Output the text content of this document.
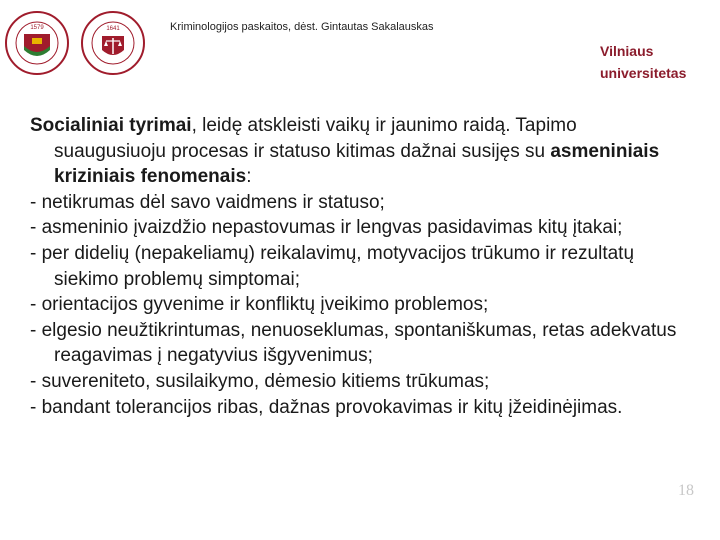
1579	1641	Kriminologijos paskaitos, dėst. Gintautas Sakalauskas
Vilniaus
universitetas

Socialiniai tyrimai, leidę atskleisti vaikų ir jaunimo raidą. Tapimo suaugusiuoju procesas ir statuso kitimas dažnai susijęs su asmeniniais kriziniais fenomenais:

- netikrumas dėl savo vaidmens ir statuso;

- asmeninio įvaizdžio nepastovumas ir lengvas pasidavimas kitų įtakai;

- per didelių (nepakeliamų) reikalavimų, motyvacijos trūkumo ir rezultatų siekimo problemų simptomai;

- orientacijos gyvenime ir konfliktų įveikimo problemos;

- elgesio neužtikrintumas, nenuoseklumas, spontaniškumas, retas adekvatus reagavimas į negatyvius išgyvenimus;

- suvereniteto, susilaikymo, dėmesio kitiems trūkumas;

- bandant tolerancijos ribas, dažnas provokavimas ir kitų įžeidinėjimas.

18
